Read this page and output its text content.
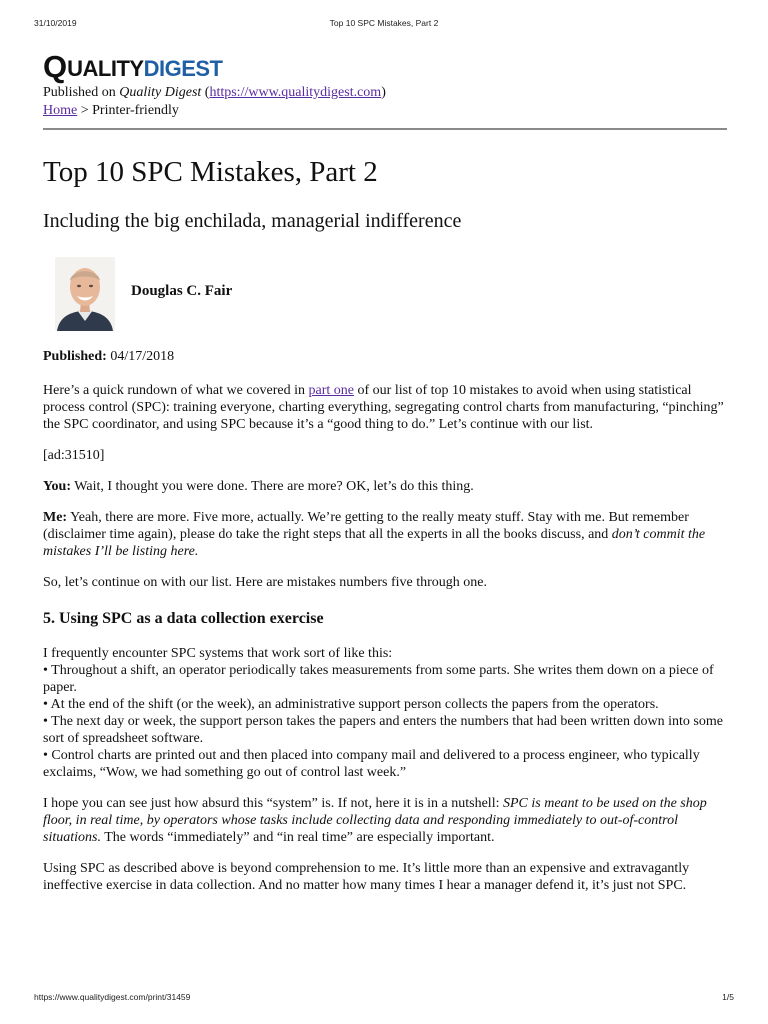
31/10/2019	Top 10 SPC Mistakes, Part 2
Q UALITY DIGEST
Published on Quality Digest (https://www.qualitydigest.com)
Home > Printer-friendly
Top 10 SPC Mistakes, Part 2
Including the big enchilada, managerial indifference
Douglas C. Fair
Published: 04/17/2018

Here’s a quick rundown of what we covered in part one of our list of top 10 mistakes to avoid when using statistical process control (SPC): training everyone, charting everything, segregating control charts from manufacturing, “pinching” the SPC coordinator, and using SPC because it’s a “good thing to do.” Let’s continue with our list.

[ad:31510]

You: Wait, I thought you were done. There are more? OK, let’s do this thing.

Me: Yeah, there are more. Five more, actually. We’re getting to the really meaty stuff. Stay with me. But remember (disclaimer time again), please do take the right steps that all the experts in all the books discuss, and don’t commit the mistakes I’ll be listing here.

So, let’s continue on with our list. Here are mistakes numbers five through one.

5. Using SPC as a data collection exercise

I frequently encounter SPC systems that work sort of like this:

• Throughout a shift, an operator periodically takes measurements from some parts. She writes them down on a piece of paper.

• At the end of the shift (or the week), an administrative support person collects the papers from the operators.

• The next day or week, the support person takes the papers and enters the numbers that had been written down into some sort of spreadsheet software.

• Control charts are printed out and then placed into company mail and delivered to a process engineer, who typically exclaims, “Wow, we had something go out of control last week.”

I hope you can see just how absurd this “system” is. If not, here it is in a nutshell: SPC is meant to be used on the shop floor, in real time, by operators whose tasks include collecting data and responding immediately to out-of-control situations. The words “immediately” and “in real time” are especially important.

Using SPC as described above is beyond comprehension to me. It’s little more than an expensive and extravagantly ineffective exercise in data collection. And no matter how many times I hear a manager defend it, it’s just not SPC.

https://www.qualitydigest.com/print/31459	1/5
